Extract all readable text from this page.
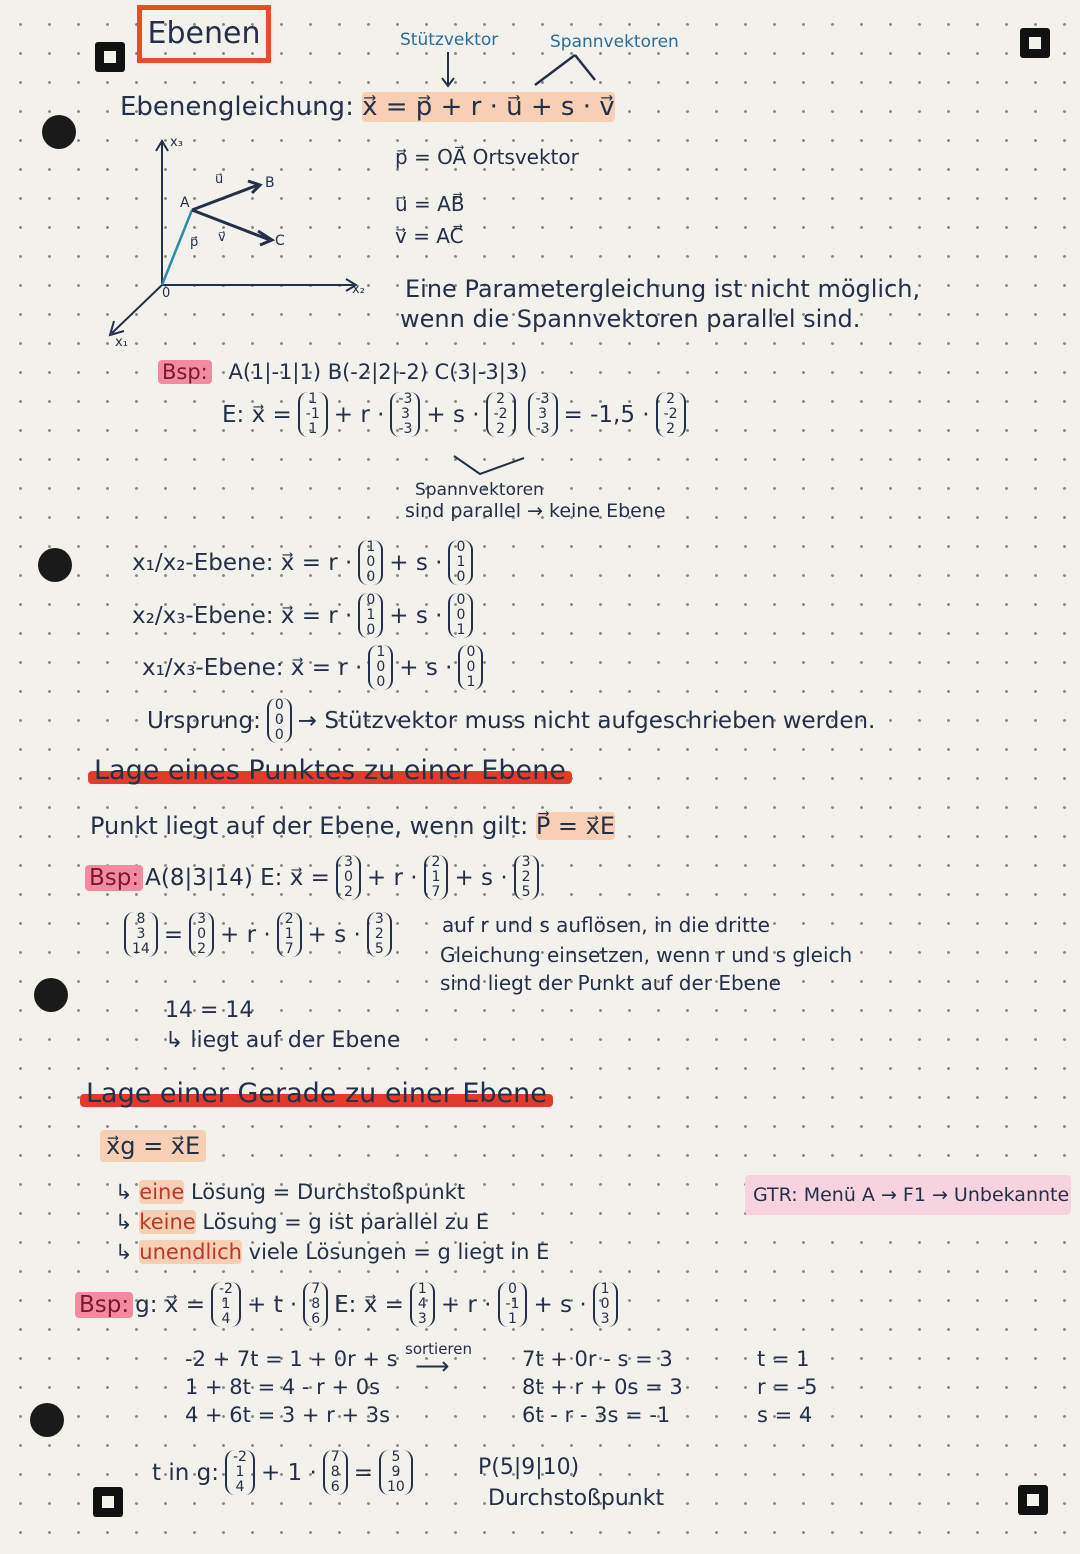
Ebenen	Stützvektor	Spannvektoren
Ebenengleichung: x⃗ = p⃗ + r · u⃗ + s · v⃗
x₃
x₂
x₁
0
A
B
C
u⃗
v⃗
p⃗
p⃗ = OA⃗ Ortsvektor
u⃗ = AB⃗
v⃗ = AC⃗
Eine Parametergleichung ist nicht möglich,
wenn die Spannvektoren parallel sind.
Bsp: A(1|-1|1) B(-2|2|-2) C(3|-3|3)
E: x⃗ =
1
-1
1
+ r ·
-3
3
-3
+ s ·
2
-2
2
-3
3
-3
= -1,5 ·
2
-2
2
Spannvektoren
sind parallel → keine Ebene
x₁/x₂-Ebene: x⃗ = r ·
1
0
0
+ s ·
0
1
0
x₂/x₃-Ebene: x⃗ = r ·
0
1
0
+ s ·
0
0
1
x₁/x₃-Ebene: x⃗ = r ·
1
0
0
+ s ·
0
0
1
Ursprung:
0
0
0
→ Stützvektor muss nicht aufgeschrieben werden.
Lage eines Punktes zu einer Ebene
Punkt liegt auf der Ebene, wenn gilt: P⃗ = x⃗E
Bsp: A(8|3|14) E: x⃗ =
3
0
2
+ r ·
2
1
7
+ s ·
3
2
5
8
3
14
=
3
0
2
+ r ·
2
1
7
+ s ·
3
2
5
auf r und s auflösen, in die dritte
Gleichung einsetzen, wenn r und s gleich
sind liegt der Punkt auf der Ebene
14 = 14
↳ liegt auf der Ebene
Lage einer Gerade zu einer Ebene
x⃗g = x⃗E
↳ eine Lösung = Durchstoßpunkt
↳ keine Lösung = g ist parallel zu E
↳ unendlich viele Lösungen = g liegt in E
GTR: Menü A → F1 → Unbekannte
Bsp: g: x⃗ =
-2
1
4
+ t ·
7
8
6
E: x⃗ =
1
4
3
+ r ·
0
-1
1
+ s ·
1
0
3
sortieren
⟶
-2 + 7t = 1 + 0r + s
1 + 8t = 4 - r + 0s
4 + 6t = 3 + r + 3s
7t + 0r - s = 3
8t + r + 0s = 3
6t - r - 3s = -1
t = 1
r = -5
s = 4
t in g:
-2
1
4
+ 1 ·
7
8
6
=
5
9
10
P(5|9|10)
Durchstoßpunkt
